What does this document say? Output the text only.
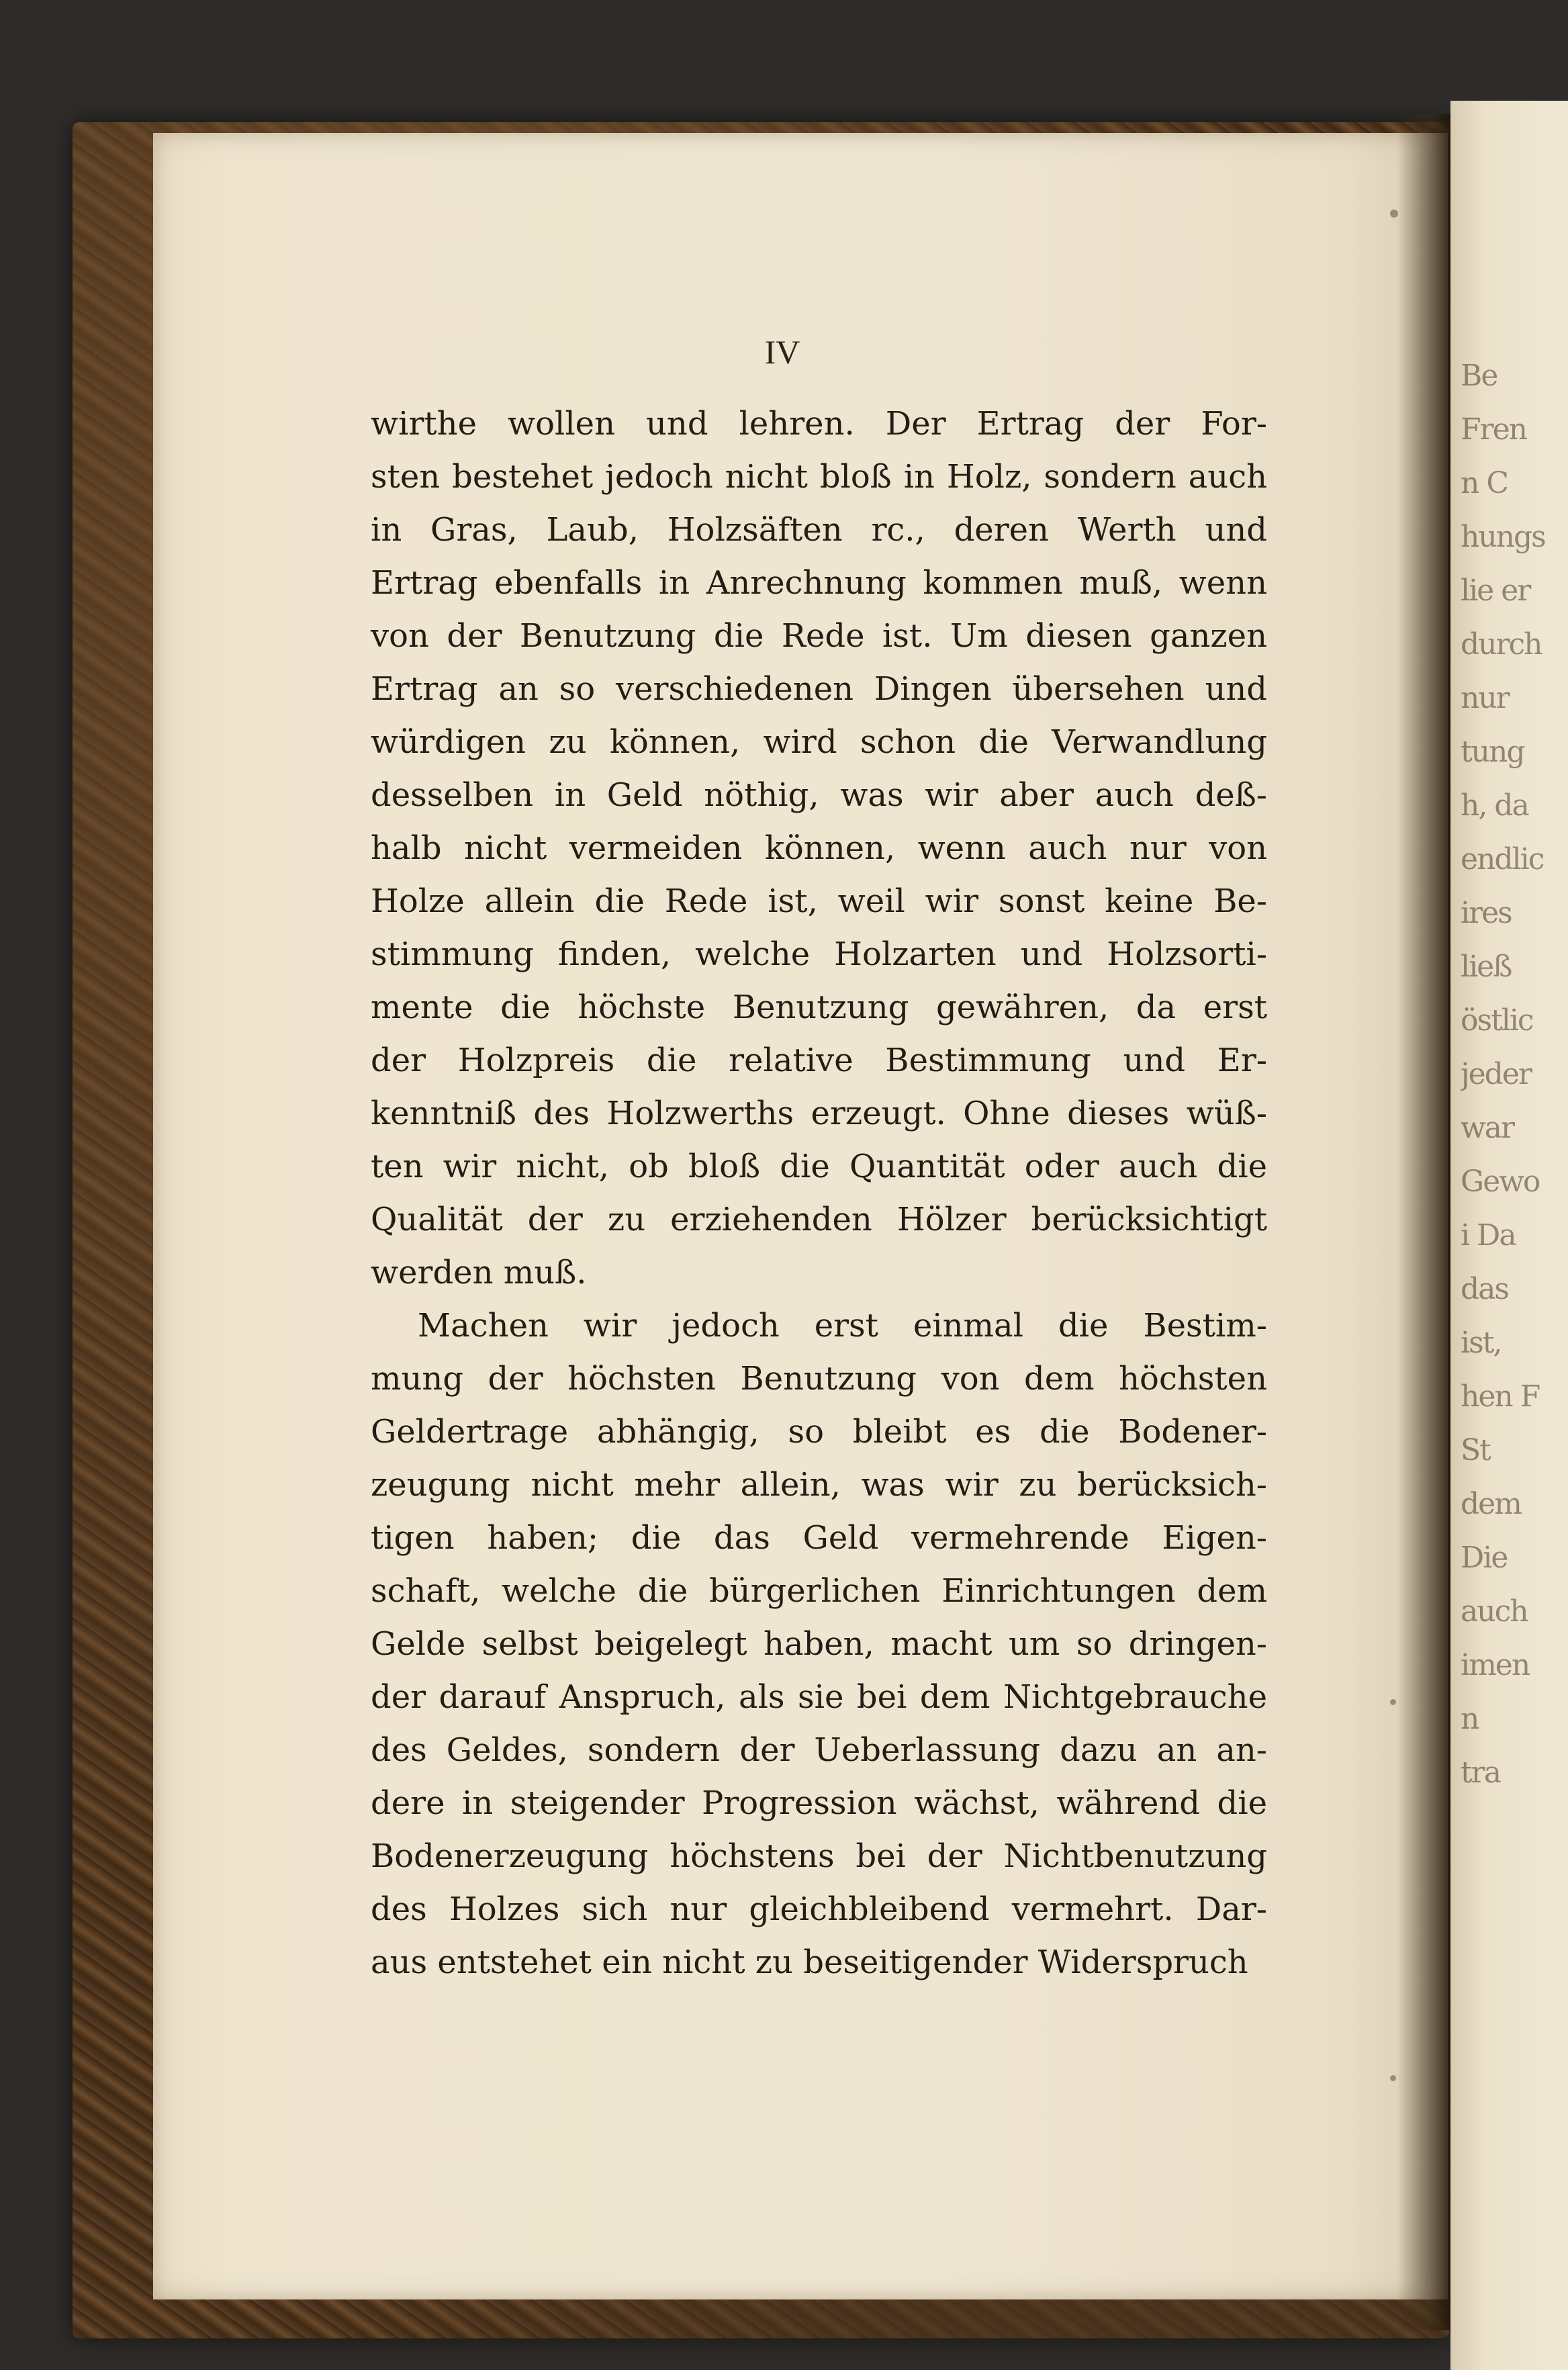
Be
Fren
n C
hungs
lie er
durch
nur
tung
h, da
endlic
ires
ließ
östlic
jeder
war
Gewo
i Da
das
ist,
hen F
St
dem
Die
auch
imen
n
tra
IV
wirthe wollen und lehren. Der Ertrag der For-
sten bestehet jedoch nicht bloß in Holz, sondern auch
in Gras, Laub, Holzsäften rc., deren Werth und
Ertrag ebenfalls in Anrechnung kommen muß, wenn
von der Benutzung die Rede ist. Um diesen ganzen
Ertrag an so verschiedenen Dingen übersehen und
würdigen zu können, wird schon die Verwandlung
desselben in Geld nöthig, was wir aber auch deß-
halb nicht vermeiden können, wenn auch nur von
Holze allein die Rede ist, weil wir sonst keine Be-
stimmung finden, welche Holzarten und Holzsorti-
mente die höchste Benutzung gewähren, da erst
der Holzpreis die relative Bestimmung und Er-
kenntniß des Holzwerths erzeugt. Ohne dieses wüß-
ten wir nicht, ob bloß die Quantität oder auch die
Qualität der zu erziehenden Hölzer berücksichtigt
werden muß.
Machen wir jedoch erst einmal die Bestim-
mung der höchsten Benutzung von dem höchsten
Geldertrage abhängig, so bleibt es die Bodener-
zeugung nicht mehr allein, was wir zu berücksich-
tigen haben; die das Geld vermehrende Eigen-
schaft, welche die bürgerlichen Einrichtungen dem
Gelde selbst beigelegt haben, macht um so dringen-
der darauf Anspruch, als sie bei dem Nichtgebrauche
des Geldes, sondern der Ueberlassung dazu an an-
dere in steigender Progression wächst, während die
Bodenerzeugung höchstens bei der Nichtbenutzung
des Holzes sich nur gleichbleibend vermehrt. Dar-
aus entstehet ein nicht zu beseitigender Widerspruch
